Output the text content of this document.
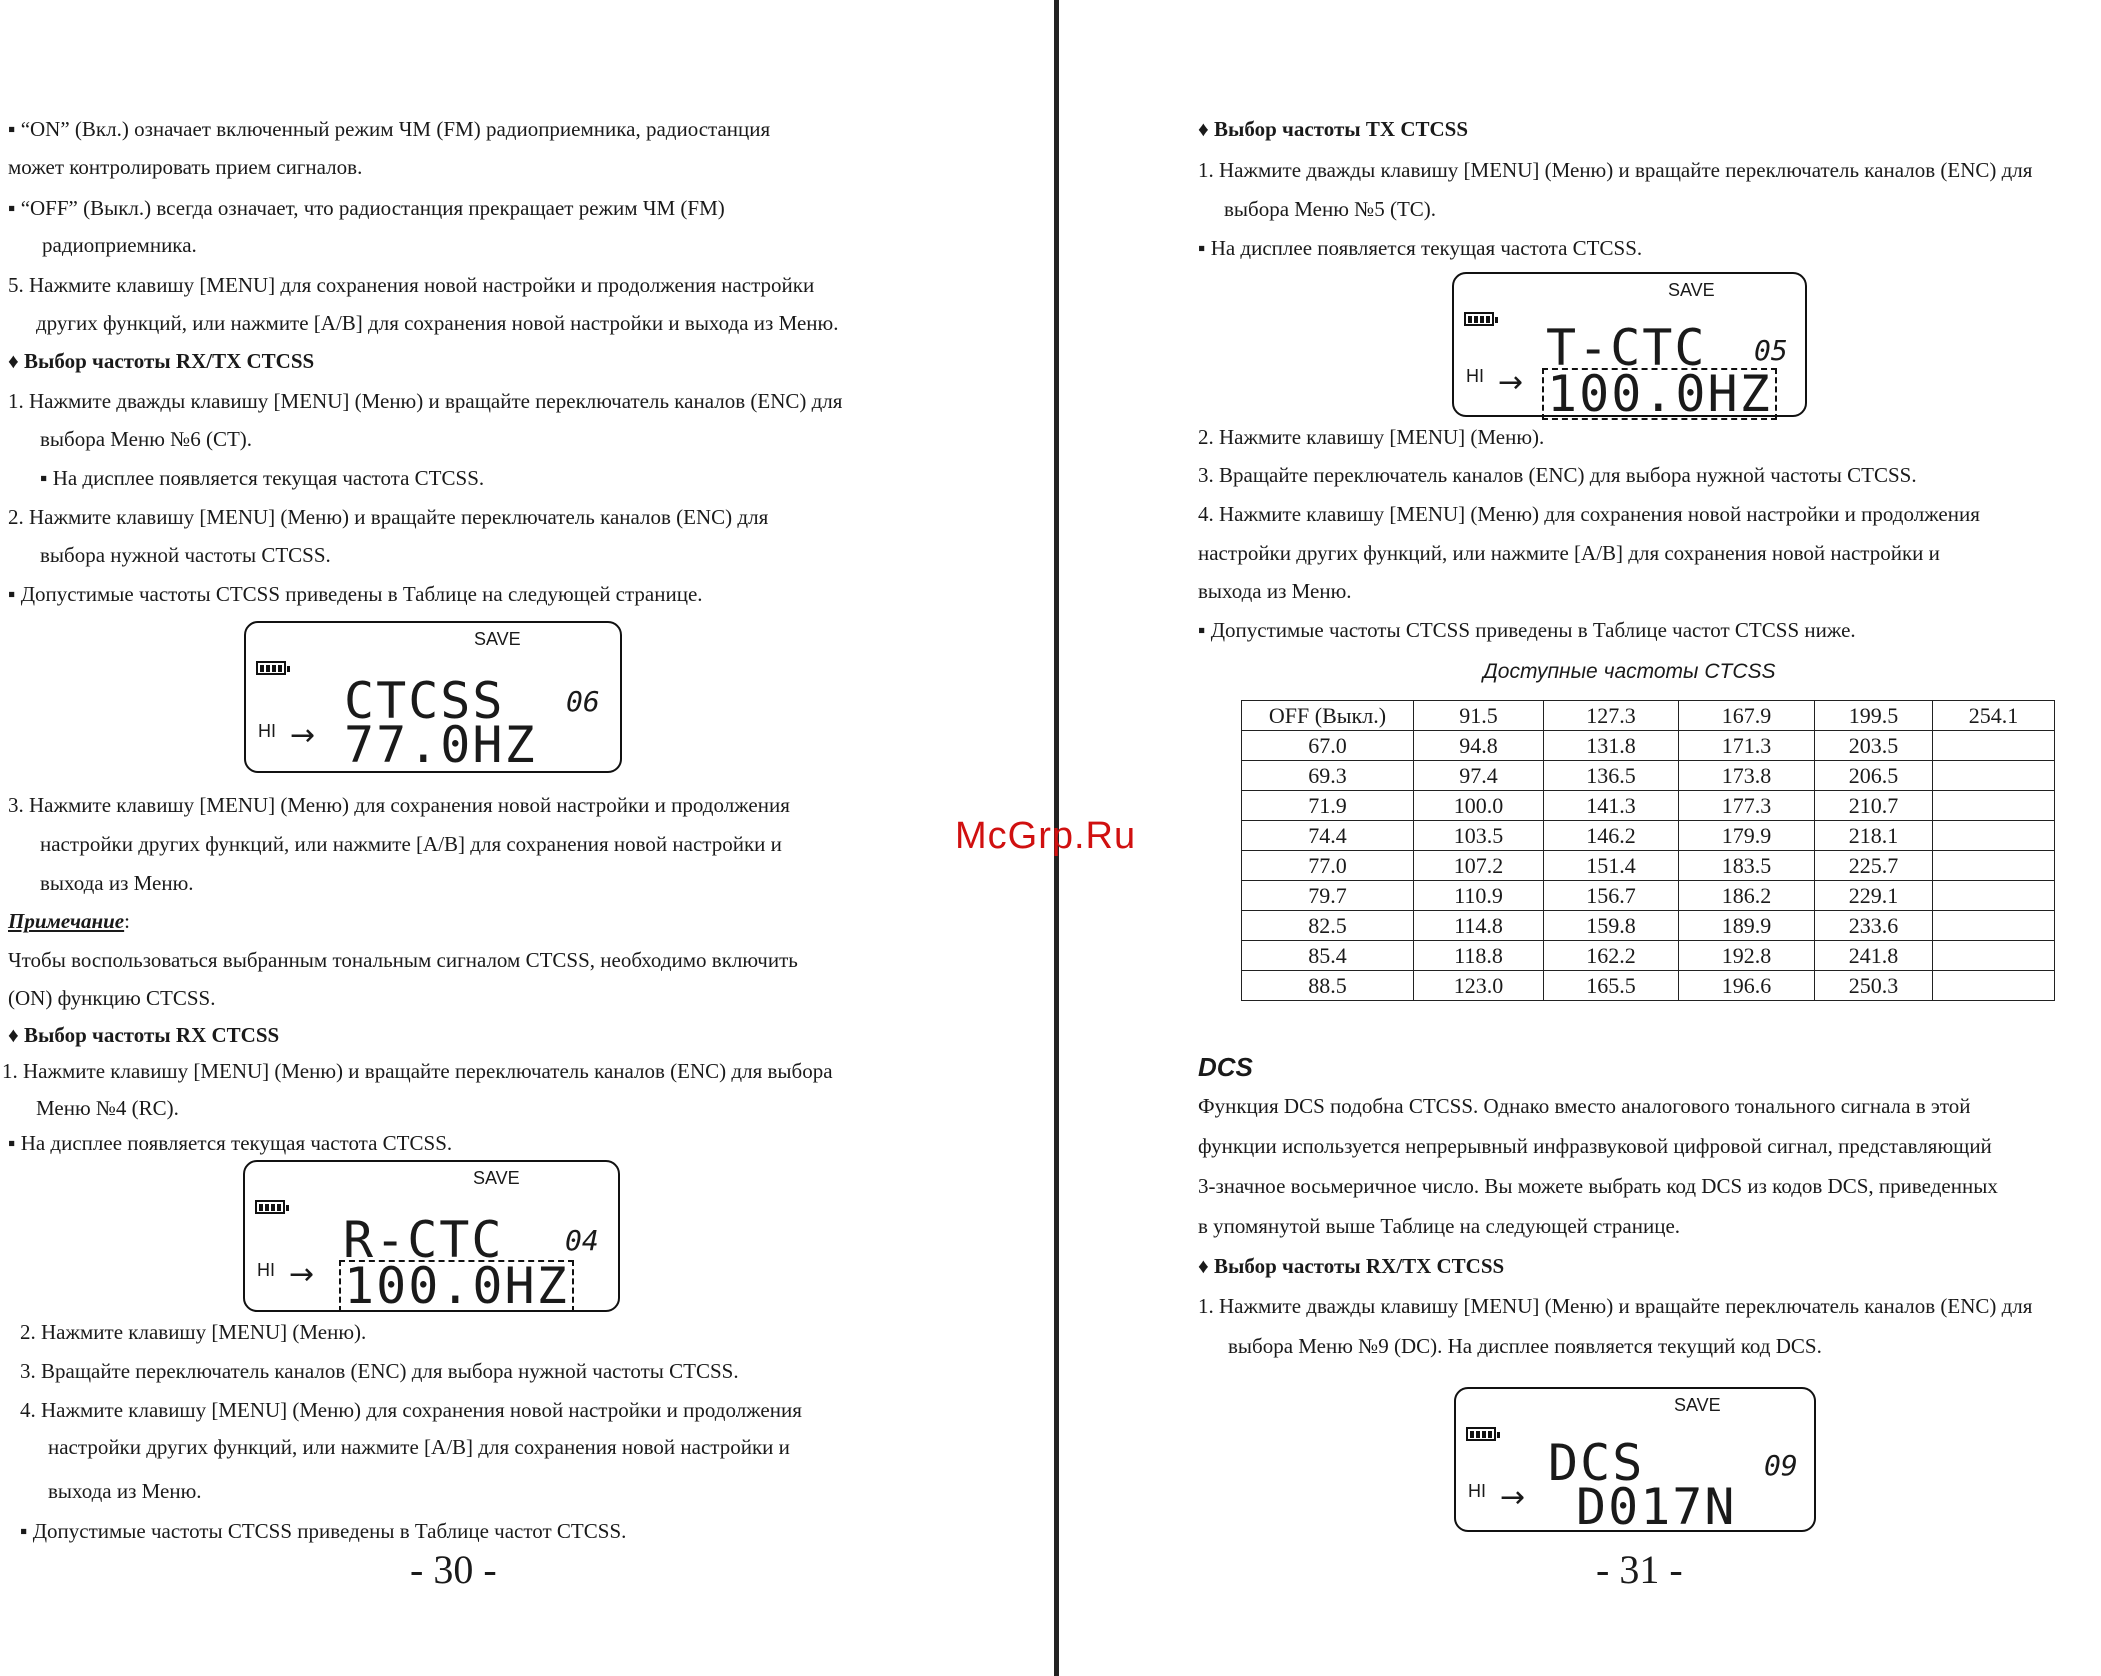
▪ “ON” (Вкл.) означает включенный режим ЧМ (FM) радиоприемника, радиостанция
может контролировать прием сигналов.
▪ “OFF” (Выкл.) всегда означает, что радиостанция прекращает режим ЧМ (FM)
радиоприемника.
5. Нажмите клавишу [MENU] для сохранения новой настройки и продолжения настройки
других функций, или нажмите [A/B] для сохранения новой настройки и выхода из Меню.
♦ Выбор частоты RX/TX CTCSS
1. Нажмите дважды клавишу [MENU] (Меню) и вращайте переключатель каналов (ENC) для
выбора Меню №6 (CT).
▪ На дисплее появляется текущая частота CTCSS.
2. Нажмите клавишу [MENU] (Меню) и вращайте переключатель каналов (ENC) для
выбора нужной частоты CTCSS.
▪ Допустимые частоты CTCSS приведены в Таблице на следующей странице.
SAVE
HI →
CTCSS
77.0HZ
06
3. Нажмите клавишу [MENU] (Меню) для сохранения новой настройки и продолжения
настройки других функций, или нажмите [A/B] для сохранения новой настройки и
выхода из Меню.
Примечание:
Чтобы воспользоваться выбранным тональным сигналом CTCSS, необходимо включить
(ON) функцию CTCSS.
♦ Выбор частоты RX CTCSS
1. Нажмите клавишу [MENU] (Меню) и вращайте переключатель каналов (ENC) для выбора
Меню №4 (RC).
▪ На дисплее появляется текущая частота CTCSS.
SAVE
HI →
R-CTC
100.0HZ
04
2. Нажмите клавишу [MENU] (Меню).
3. Вращайте переключатель каналов (ENC) для выбора нужной частоты CTCSS.
4. Нажмите клавишу [MENU] (Меню) для сохранения новой настройки и продолжения
настройки других функций, или нажмите [A/B] для сохранения новой настройки и
выхода из Меню.
▪ Допустимые частоты CTCSS приведены в Таблице частот CTCSS.
- 30 -
♦ Выбор частоты TX CTCSS
1. Нажмите дважды клавишу [MENU] (Меню) и вращайте переключатель каналов (ENC) для
выбора Меню №5 (TC).
▪ На дисплее появляется текущая частота CTCSS.
SAVE
HI →
T-CTC
100.0HZ
05
2. Нажмите клавишу [MENU] (Меню).
3. Вращайте переключатель каналов (ENC) для выбора нужной частоты CTCSS.
4. Нажмите клавишу [MENU] (Меню) для сохранения новой настройки и продолжения
настройки других функций, или нажмите [A/B] для сохранения новой настройки и
выхода из Меню.
▪ Допустимые частоты CTCSS приведены в Таблице частот CTCSS ниже.
Доступные частоты CTCSS
OFF (Выкл.)	91.5	127.3	167.9	199.5	254.1
67.0	94.8	131.8	171.3	203.5	
69.3	97.4	136.5	173.8	206.5	
71.9	100.0	141.3	177.3	210.7	
74.4	103.5	146.2	179.9	218.1	
77.0	107.2	151.4	183.5	225.7	
79.7	110.9	156.7	186.2	229.1	
82.5	114.8	159.8	189.9	233.6	
85.4	118.8	162.2	192.8	241.8	
88.5	123.0	165.5	196.6	250.3	
DCS
Функция DCS подобна CTCSS. Однако вместо аналогового тонального сигнала в этой
функции используется непрерывный инфразвуковой цифровой сигнал, представляющий
3-значное восьмеричное число. Вы можете выбрать код DCS из кодов DCS, приведенных
в упомянутой выше Таблице на следующей странице.
♦ Выбор частоты RX/TX CTCSS
1. Нажмите дважды клавишу [MENU] (Меню) и вращайте переключатель каналов (ENC) для
выбора Меню №9 (DC). На дисплее появляется текущий код DCS.
SAVE
HI →
DCS
D017N
09
- 31 -
McGrp.Ru
